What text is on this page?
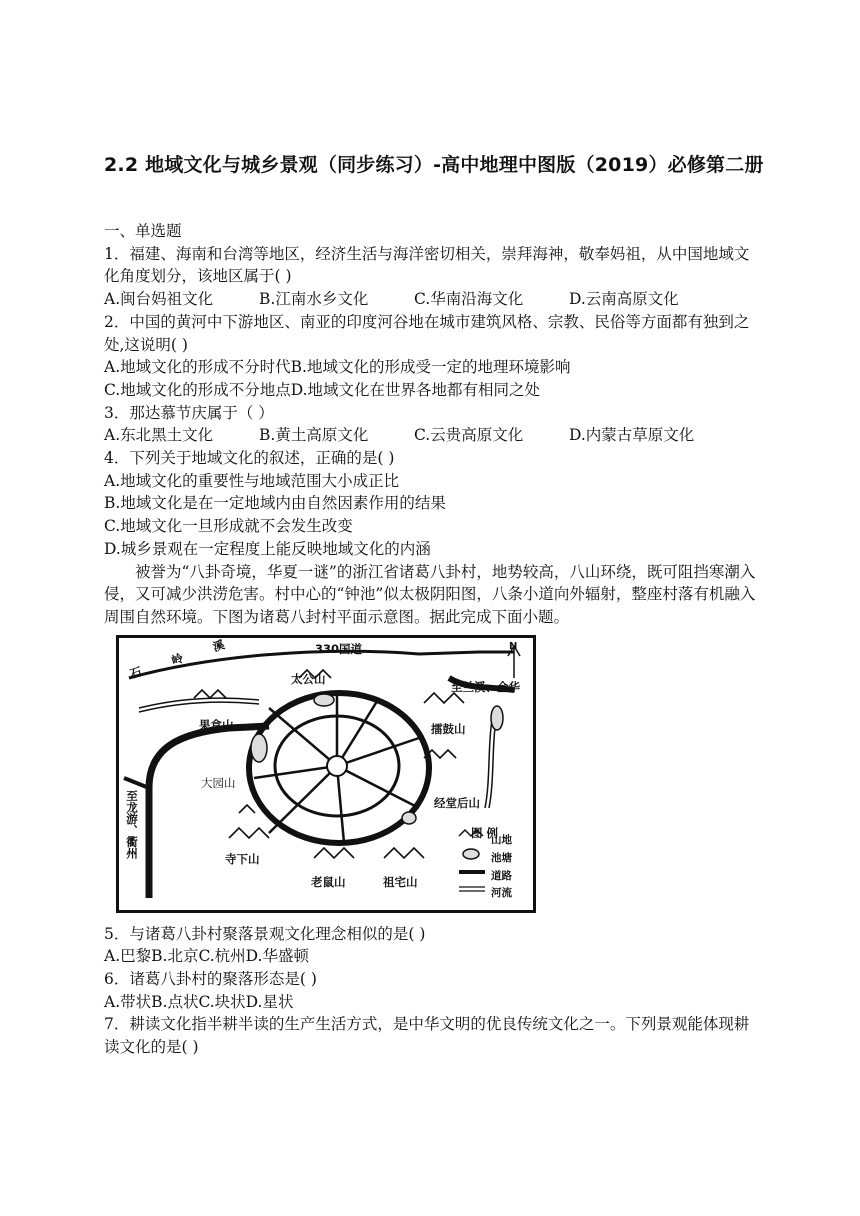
2.2 地域文化与城乡景观（同步练习）-高中地理中图版（2019）必修第二册

一、单选题

1．福建、海南和台湾等地区，经济生活与海洋密切相关，崇拜海神，敬奉妈祖，从中国地域文化角度划分，该地区属于( )

A.闽台妈祖文化	B.江南水乡文化	C.华南沿海文化	D.云南高原文化

2．中国的黄河中下游地区、南亚的印度河谷地在城市建筑风格、宗教、民俗等方面都有独到之处,这说明( )

A.地域文化的形成不分时代B.地域文化的形成受一定的地理环境影响

C.地域文化的形成不分地点D.地域文化在世界各地都有相同之处

3．那达慕节庆属于（ ）

A.东北黑土文化	B.黄土高原文化	C.云贵高原文化	D.内蒙古草原文化

4．下列关于地域文化的叙述，正确的是( )

A.地域文化的重要性与地域范围大小成正比

B.地域文化是在一定地域内由自然因素作用的结果

C.地域文化一旦形成就不会发生改变

D.城乡景观在一定程度上能反映地域文化的内涵

被誉为“八卦奇境，华夏一谜”的浙江省诸葛八卦村，地势较高，八山环绕，既可阻挡寒潮入侵，又可减少洪涝危害。村中心的“钟池”似太极阴阳图，八条小道向外辐射，整座村落有机融入周围自然环境。下图为诸葛八封村平面示意图。据此完成下面小题。

330国道	N
石 岭 溪	太公山
果盒山
大园山
擂鼓山
经堂后山
寺下山
老鼠山	祖宅山
至兰溪、金华
至龙游、衢州	图 例
山地
池塘
道路
河流

5．与诸葛八卦村聚落景观文化理念相似的是( )

A.巴黎B.北京C.杭州D.华盛顿

6．诸葛八卦村的聚落形态是( )

A.带状B.点状C.块状D.星状

7．耕读文化指半耕半读的生产生活方式，是中华文明的优良传统文化之一。下列景观能体现耕读文化的是( )
